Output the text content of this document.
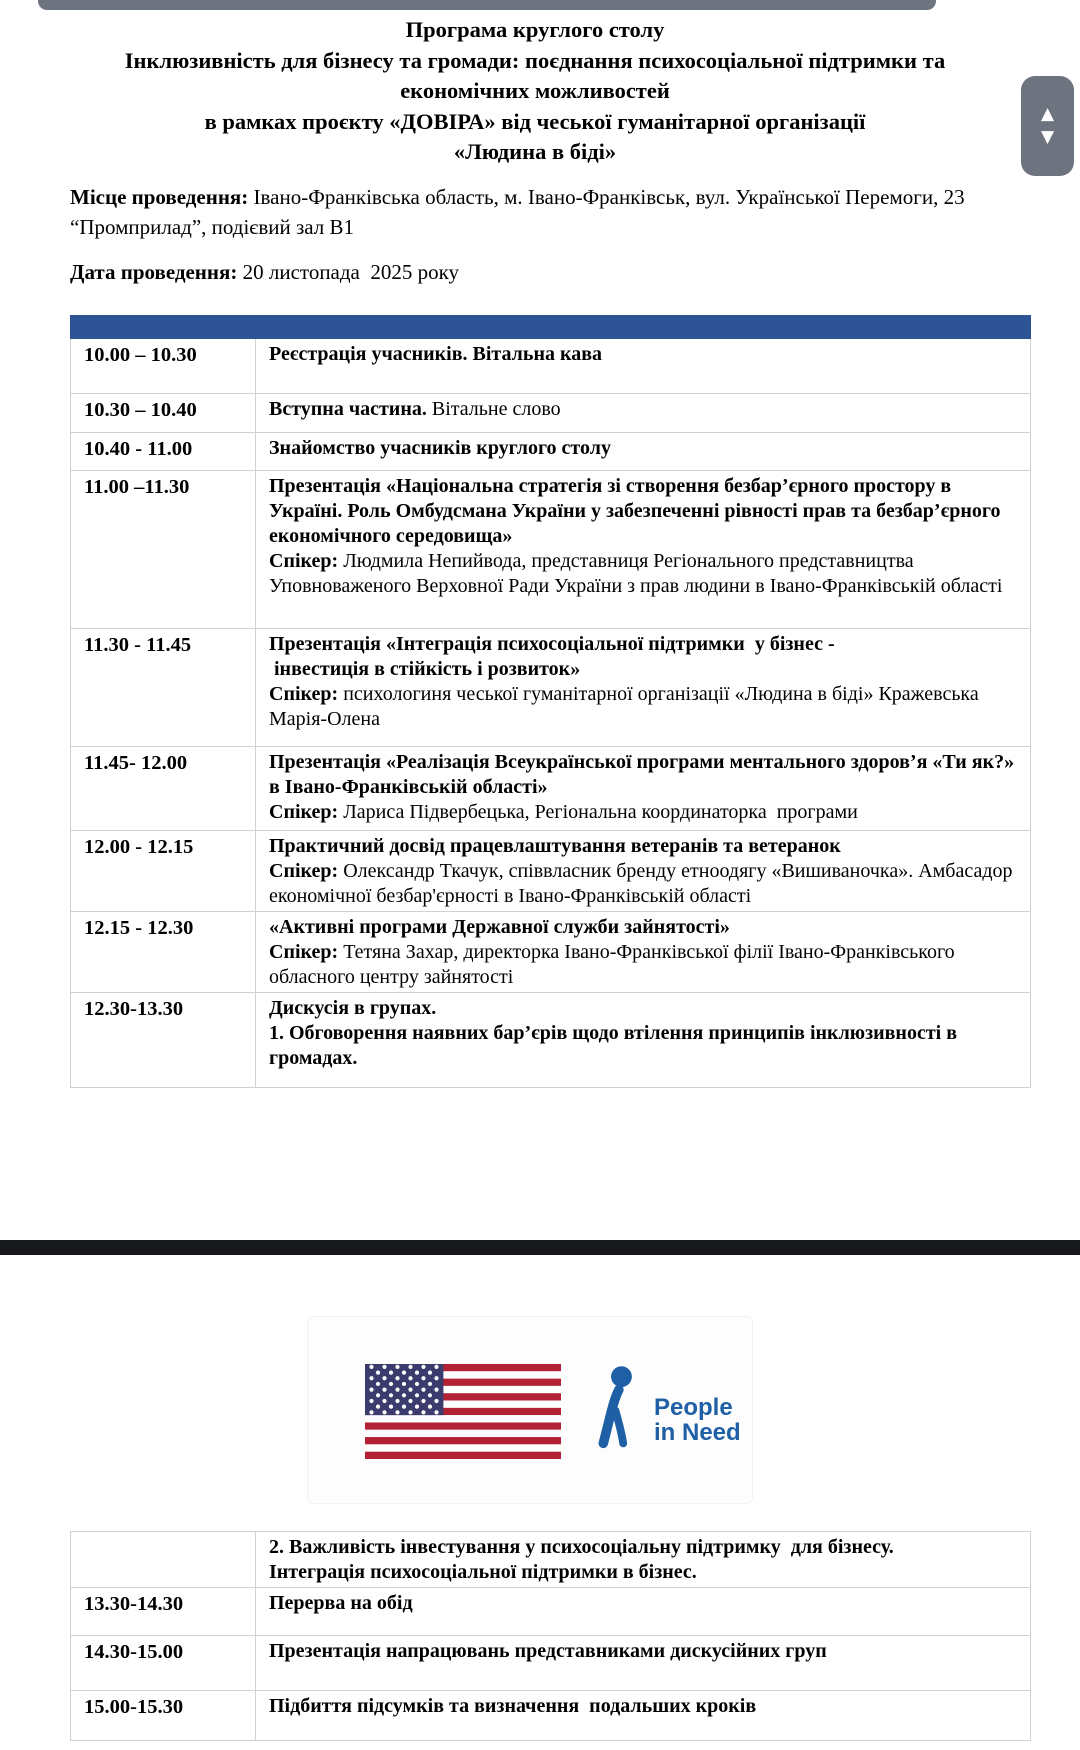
▲
▼
Програма круглого столу
Інклюзивність для бізнесу та громади: поєднання психосоціальної підтримки та
економічних можливостей
в рамках проєкту «ДОВІРА» від чеської гуманітарної організації
«Людина в біді»
Місце проведення: Івано-Франківська область, м. Івано-Франківськ, вул. Української Перемоги, 23 “Промприлад”, подієвий зал В1
Дата проведення: 20 листопада  2025 року

10.00 – 10.30	Реєстрація учасників. Вітальна кава

10.30 – 10.40	Вступна частина. Вітальне слово

10.40 - 11.00	Знайомство учасників круглого столу

11.00 –11.30	Презентація «Національна стратегія зі створення безбар’єрного простору в Україні. Роль Омбудсмана України у забезпеченні рівності прав та безбар’єрного економічного середовища»
Спікер: Людмила Непийвода, представниця Регіонального представництва Уповноваженого Верховної Ради України з прав людини в Івано-Франківській області

11.30 - 11.45	Презентація «Інтеграція психосоціальної підтримки  у бізнес -
інвестиція в стійкість і розвиток»
Спікер: психологиня чеської гуманітарної організації «Людина в біді» Кражевська Марія-Олена

11.45- 12.00	Презентація «Реалізація Всеукраїнської програми ментального здоров’я «Ти як?» в Івано-Франківській області»
Спікер: Лариса Підвербецька, Регіональна координаторка  програми

12.00 - 12.15	Практичний досвід працевлаштування ветеранів та ветеранок
Спікер: Олександр Ткачук, співвласник бренду етноодягу «Вишиваночка». Амбасадор економічної безбар'єрності в Івано-Франківській області

12.15 - 12.30	«Активні програми Державної служби зайнятості»
Спікер: Тетяна Захар, директорка Івано-Франківської філії Івано-Франківського обласного центру зайнятості

12.30-13.30	Дискусія в групах.
1. Обговорення наявних бар’єрів щодо втілення принципів інклюзивності в громадах.
People
in Need

	2. Важливість інвестування у психосоціальну підтримку  для бізнесу.
Інтеграція психосоціальної підтримки в бізнес.

13.30-14.30	Перерва на обід

14.30-15.00	Презентація напрацювань представниками дискусійних груп

15.00-15.30	Підбиття підсумків та визначення  подальших кроків
